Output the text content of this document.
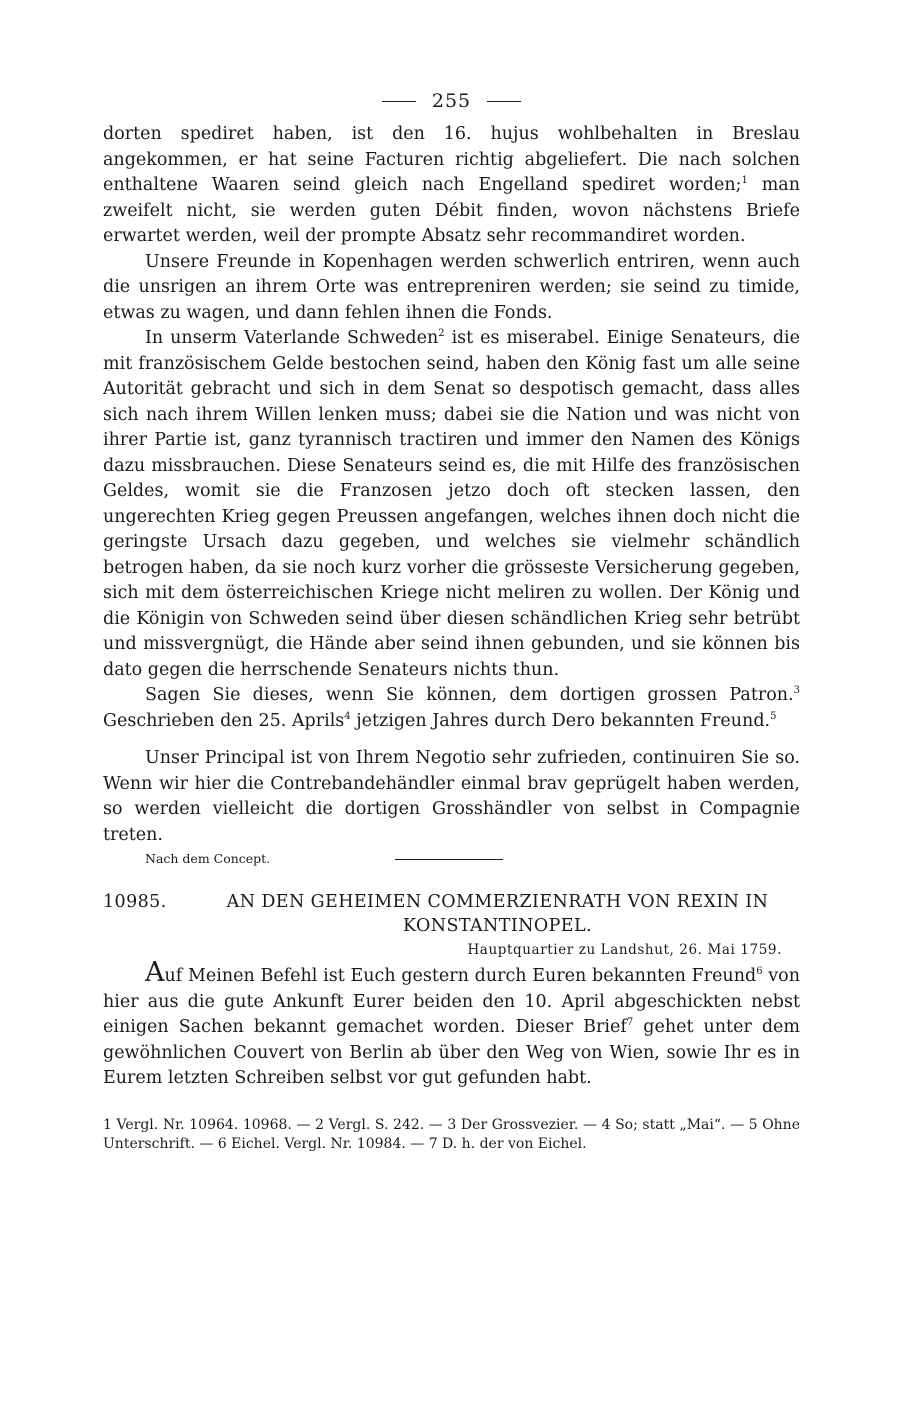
255

dorten spediret haben, ist den 16. hujus wohlbehalten in Breslau angekommen, er hat seine Facturen richtig abgeliefert. Die nach solchen enthaltene Waaren seind gleich nach Engelland spediret worden;$^1$ man zweifelt nicht, sie werden guten Débit finden, wovon nächstens Briefe erwartet werden, weil der prompte Absatz sehr recommandiret worden.

Unsere Freunde in Kopenhagen werden schwerlich entriren, wenn auch die unsrigen an ihrem Orte was entrepreniren werden; sie seind zu timide, etwas zu wagen, und dann fehlen ihnen die Fonds.

In unserm Vaterlande Schweden$^2$ ist es miserabel. Einige Senateurs, die mit französischem Gelde bestochen seind, haben den König fast um alle seine Autorität gebracht und sich in dem Senat so despotisch gemacht, dass alles sich nach ihrem Willen lenken muss; dabei sie die Nation und was nicht von ihrer Partie ist, ganz tyrannisch tractiren und immer den Namen des Königs dazu missbrauchen. Diese Senateurs seind es, die mit Hilfe des französischen Geldes, womit sie die Franzosen jetzo doch oft stecken lassen, den ungerechten Krieg gegen Preussen angefangen, welches ihnen doch nicht die geringste Ursach dazu gegeben, und welches sie vielmehr schändlich betrogen haben, da sie noch kurz vorher die grösseste Versicherung gegeben, sich mit dem österreichischen Kriege nicht meliren zu wollen. Der König und die Königin von Schweden seind über diesen schändlichen Krieg sehr betrübt und missvergnügt, die Hände aber seind ihnen gebunden, und sie können bis dato gegen die herrschende Senateurs nichts thun.

Sagen Sie dieses, wenn Sie können, dem dortigen grossen Patron.$^3$ Geschrieben den 25. Aprils$^4$ jetzigen Jahres durch Dero bekannten Freund.$^5$

Unser Principal ist von Ihrem Negotio sehr zufrieden, continuiren Sie so. Wenn wir hier die Contrebandehändler einmal brav geprügelt haben werden, so werden vielleicht die dortigen Grosshändler von selbst in Compagnie treten.

Nach dem Concept.
10985.	AN DEN GEHEIMEN COMMERZIENRATH VON REXIN IN KONSTANTINOPEL.
Hauptquartier zu Landshut, 26. Mai 1759.

Auf Meinen Befehl ist Euch gestern durch Euren bekannten Freund$^6$ von hier aus die gute Ankunft Eurer beiden den 10. April abgeschickten nebst einigen Sachen bekannt gemachet worden. Dieser Brief$^7$ gehet unter dem gewöhnlichen Couvert von Berlin ab über den Weg von Wien, sowie Ihr es in Eurem letzten Schreiben selbst vor gut gefunden habt.

1 Vergl. Nr. 10964. 10968. — 2 Vergl. S. 242. — 3 Der Grossvezier. — 4 So; statt „Mai“. — 5 Ohne Unterschrift. — 6 Eichel. Vergl. Nr. 10984. — 7 D. h. der von Eichel.
